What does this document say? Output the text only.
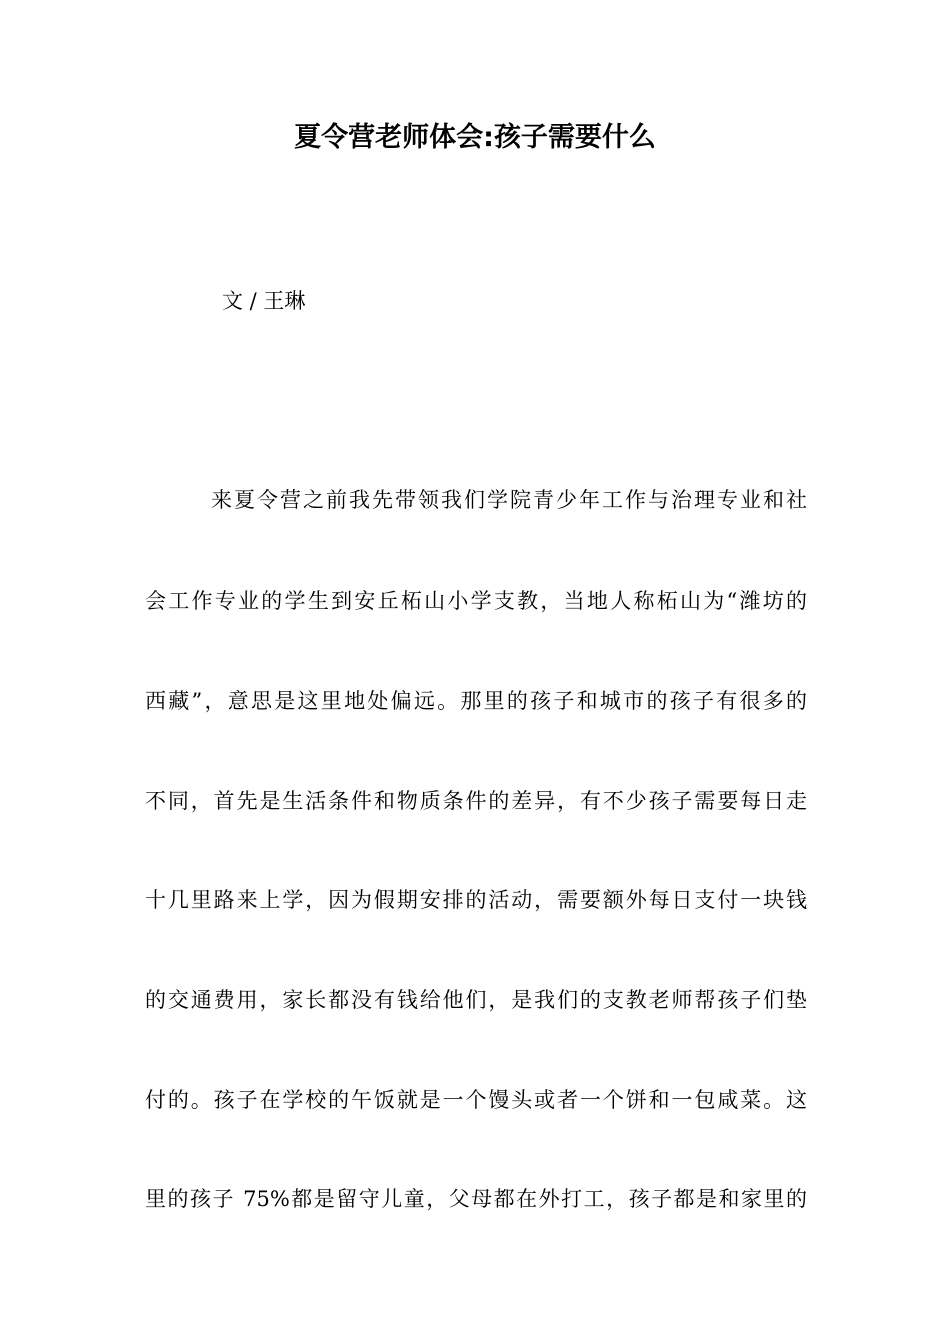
夏令营老师体会:孩子需要什么

文 / 王琳

来夏令营之前我先带领我们学院青少年工作与治理专业和社
会工作专业的学生到安丘柘山小学支教，当地人称柘山为“潍坊的
西藏”，意思是这里地处偏远。那里的孩子和城市的孩子有很多的
不同，首先是生活条件和物质条件的差异，有不少孩子需要每日走
十几里路来上学，因为假期安排的活动，需要额外每日支付一块钱
的交通费用，家长都没有钱给他们，是我们的支教老师帮孩子们垫
付的。孩子在学校的午饭就是一个馒头或者一个饼和一包咸菜。这
里的孩子 75%都是留守儿童，父母都在外打工，孩子都是和家里的
